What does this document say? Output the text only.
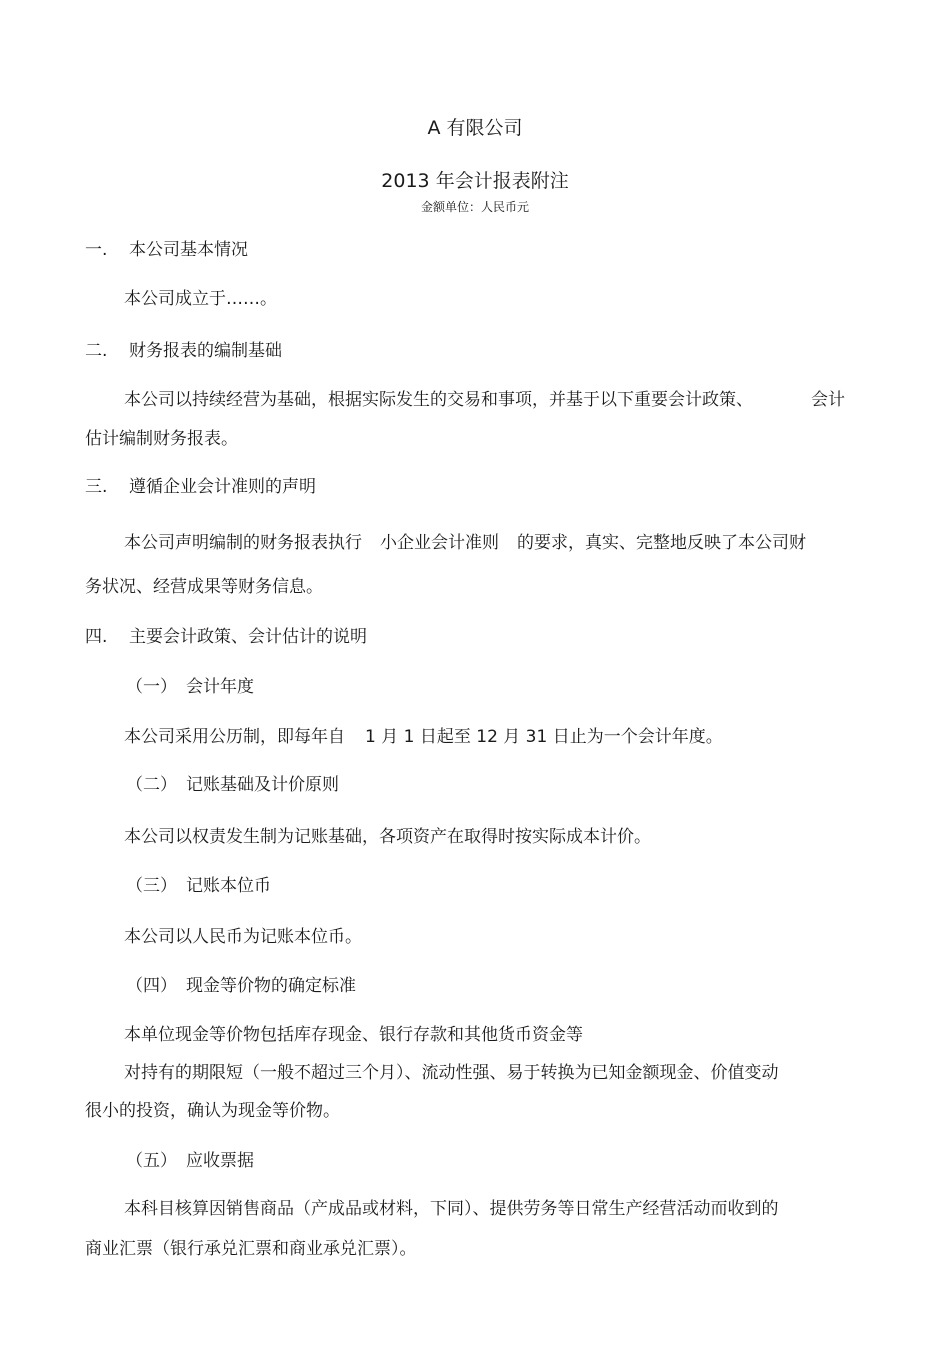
A 有限公司

2013 年会计报表附注

金额单位：人民币元

一. 本公司基本情况

本公司成立于……。

二. 财务报表的编制基础

本公司以持续经营为基础，根据实际发生的交易和事项，并基于以下重要会计政策、	会计

估计编制财务报表。

三. 遵循企业会计准则的声明

本公司声明编制的财务报表执行 小企业会计准则 的要求，真实、完整地反映了本公司财

务状况、经营成果等财务信息。

四. 主要会计政策、会计估计的说明

（一） 会计年度

本公司采用公历制，即每年自 1 月 1 日起至 12 月 31 日止为一个会计年度。

（二） 记账基础及计价原则

本公司以权责发生制为记账基础，各项资产在取得时按实际成本计价。

（三） 记账本位币

本公司以人民币为记账本位币。

（四） 现金等价物的确定标准

本单位现金等价物包括库存现金、银行存款和其他货币资金等

对持有的期限短（一般不超过三个月）、流动性强、易于转换为已知金额现金、价值变动

很小的投资，确认为现金等价物。

（五） 应收票据

本科目核算因销售商品（产成品或材料，下同）、提供劳务等日常生产经营活动而收到的

商业汇票（银行承兑汇票和商业承兑汇票）。
